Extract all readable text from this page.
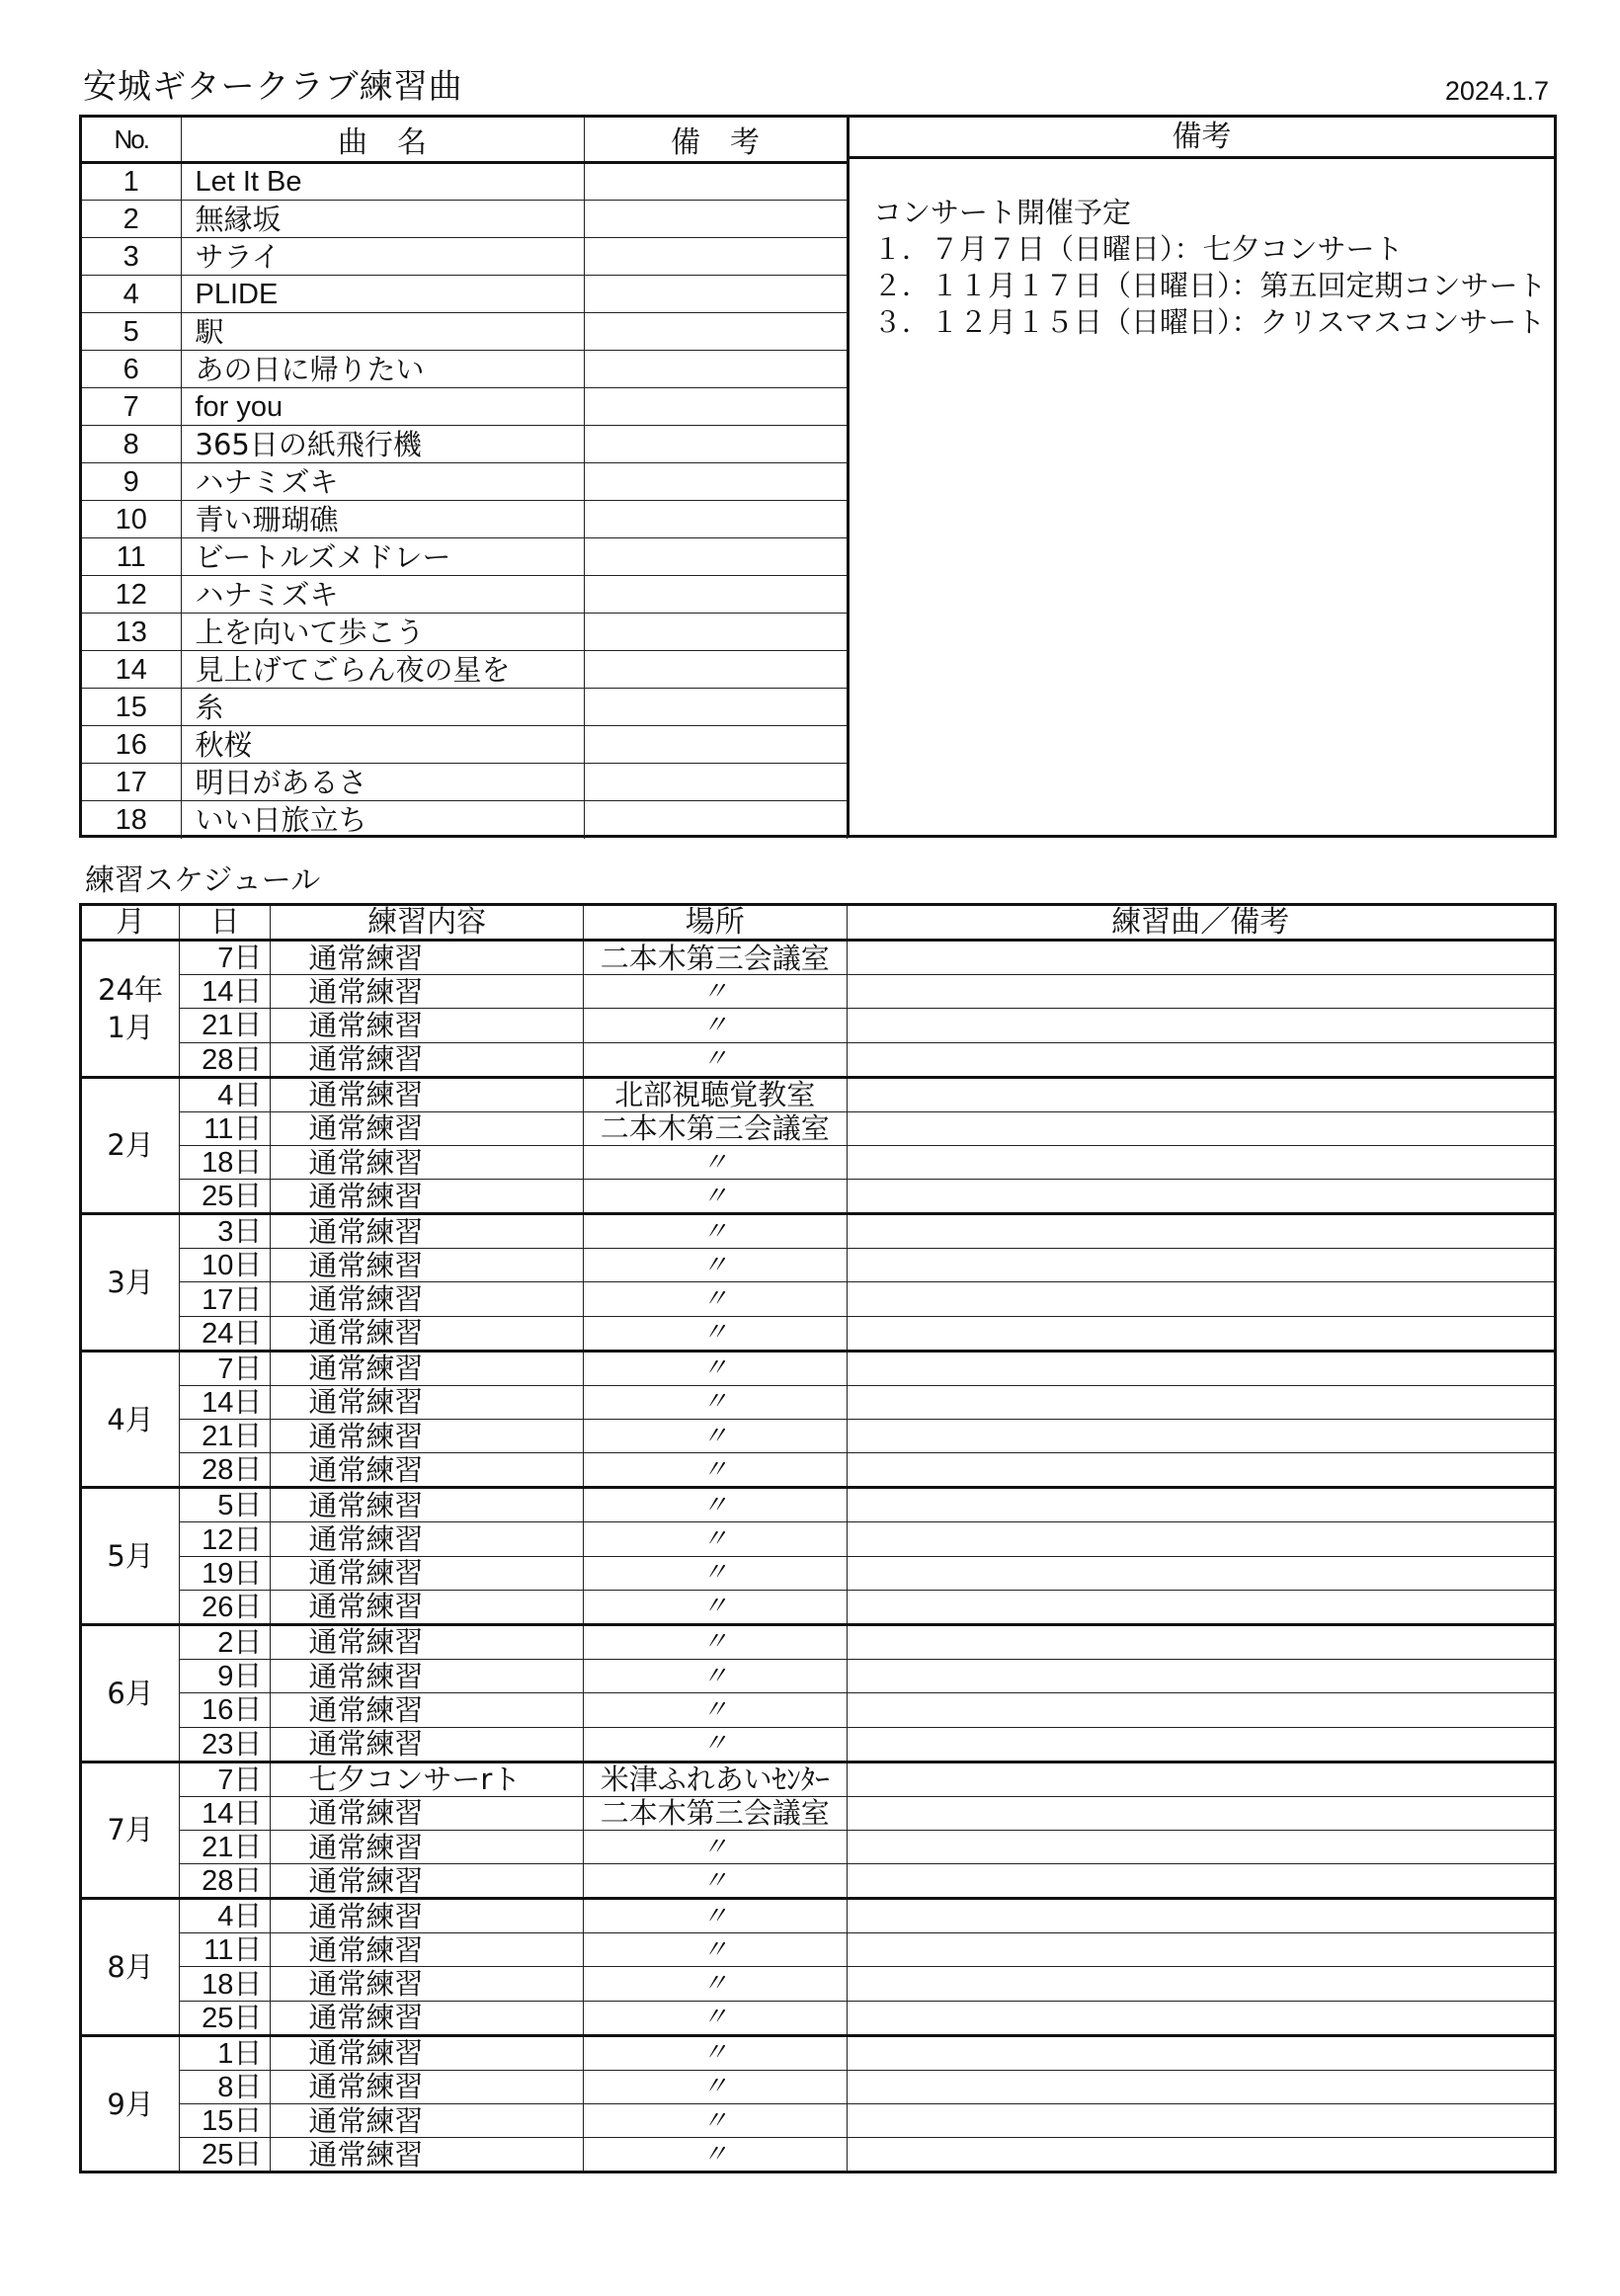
安城ギタークラブ練習曲	2024.1.7
No.	曲　名	備　考
1	Let It Be	
2	無縁坂	
3	サライ	
4	PLIDE	
5	駅	
6	あの日に帰りたい	
7	for you	
8	365日の紙飛行機	
9	ハナミズキ	
10	青い珊瑚礁	
11	ビートルズメドレー	
12	ハナミズキ	
13	上を向いて歩こう	
14	見上げてごらん夜の星を	
15	糸	
16	秋桜	
17	明日があるさ	
18	いい日旅立ち	
備考
コンサート開催予定
１．７月７日（日曜日）：七夕コンサート
２．１１月１７日（日曜日）：第五回定期コンサート
３．１２月１５日（日曜日）：クリスマスコンサート
練習スケジュール
月	日	練習内容	場所	練習曲／備考

24年
1月	7日	通常練習	二本木第三会議室	
	14日	通常練習	〃	
	21日	通常練習	〃	
	28日	通常練習	〃	

2月	4日	通常練習	北部視聴覚教室	
	11日	通常練習	二本木第三会議室	
	18日	通常練習	〃	
	25日	通常練習	〃	

3月	3日	通常練習	〃	
	10日	通常練習	〃	
	17日	通常練習	〃	
	24日	通常練習	〃	

4月	7日	通常練習	〃	
	14日	通常練習	〃	
	21日	通常練習	〃	
	28日	通常練習	〃	

5月	5日	通常練習	〃	
	12日	通常練習	〃	
	19日	通常練習	〃	
	26日	通常練習	〃	

6月	2日	通常練習	〃	
	9日	通常練習	〃	
	16日	通常練習	〃	
	23日	通常練習	〃	

7月	7日	七夕コンサーrト	米津ふれあいｾﾝﾀｰ	
	14日	通常練習	二本木第三会議室	
	21日	通常練習	〃	
	28日	通常練習	〃	

8月	4日	通常練習	〃	
	11日	通常練習	〃	
	18日	通常練習	〃	
	25日	通常練習	〃	

9月	1日	通常練習	〃	
	8日	通常練習	〃	
	15日	通常練習	〃	
	25日	通常練習	〃	
